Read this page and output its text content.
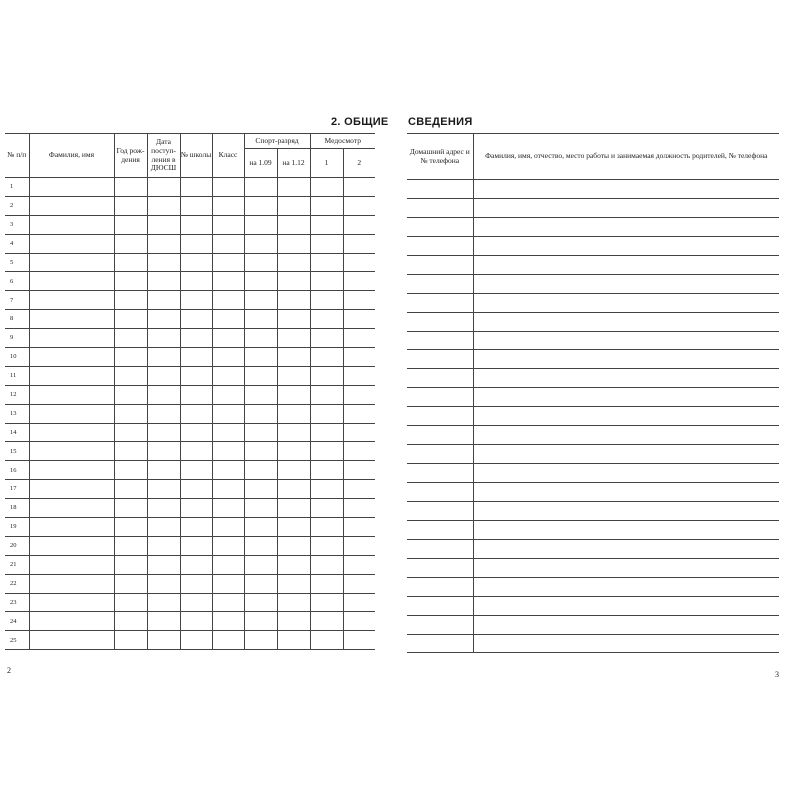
2. ОБЩИЕ
№ п/п	Фамилия, имя	Год рож-дения	Дата поступ-ления в ДЮСШ	№ школы	Класс	Спорт-разряд		Медосмотр	
						на 1.09	на 1.12	1	2
1									
2									
3									
4									
5									
6									
7									
8									
9									
10									
11									
12									
13									
14									
15									
16									
17									
18									
19									
20									
21									
22									
23									
24									
25									
2
СВЕДЕНИЯ
Домашний адрес и № телефона	Фамилия, имя, отчество, место работы и занимаемая должность родителей, № телефона

3
